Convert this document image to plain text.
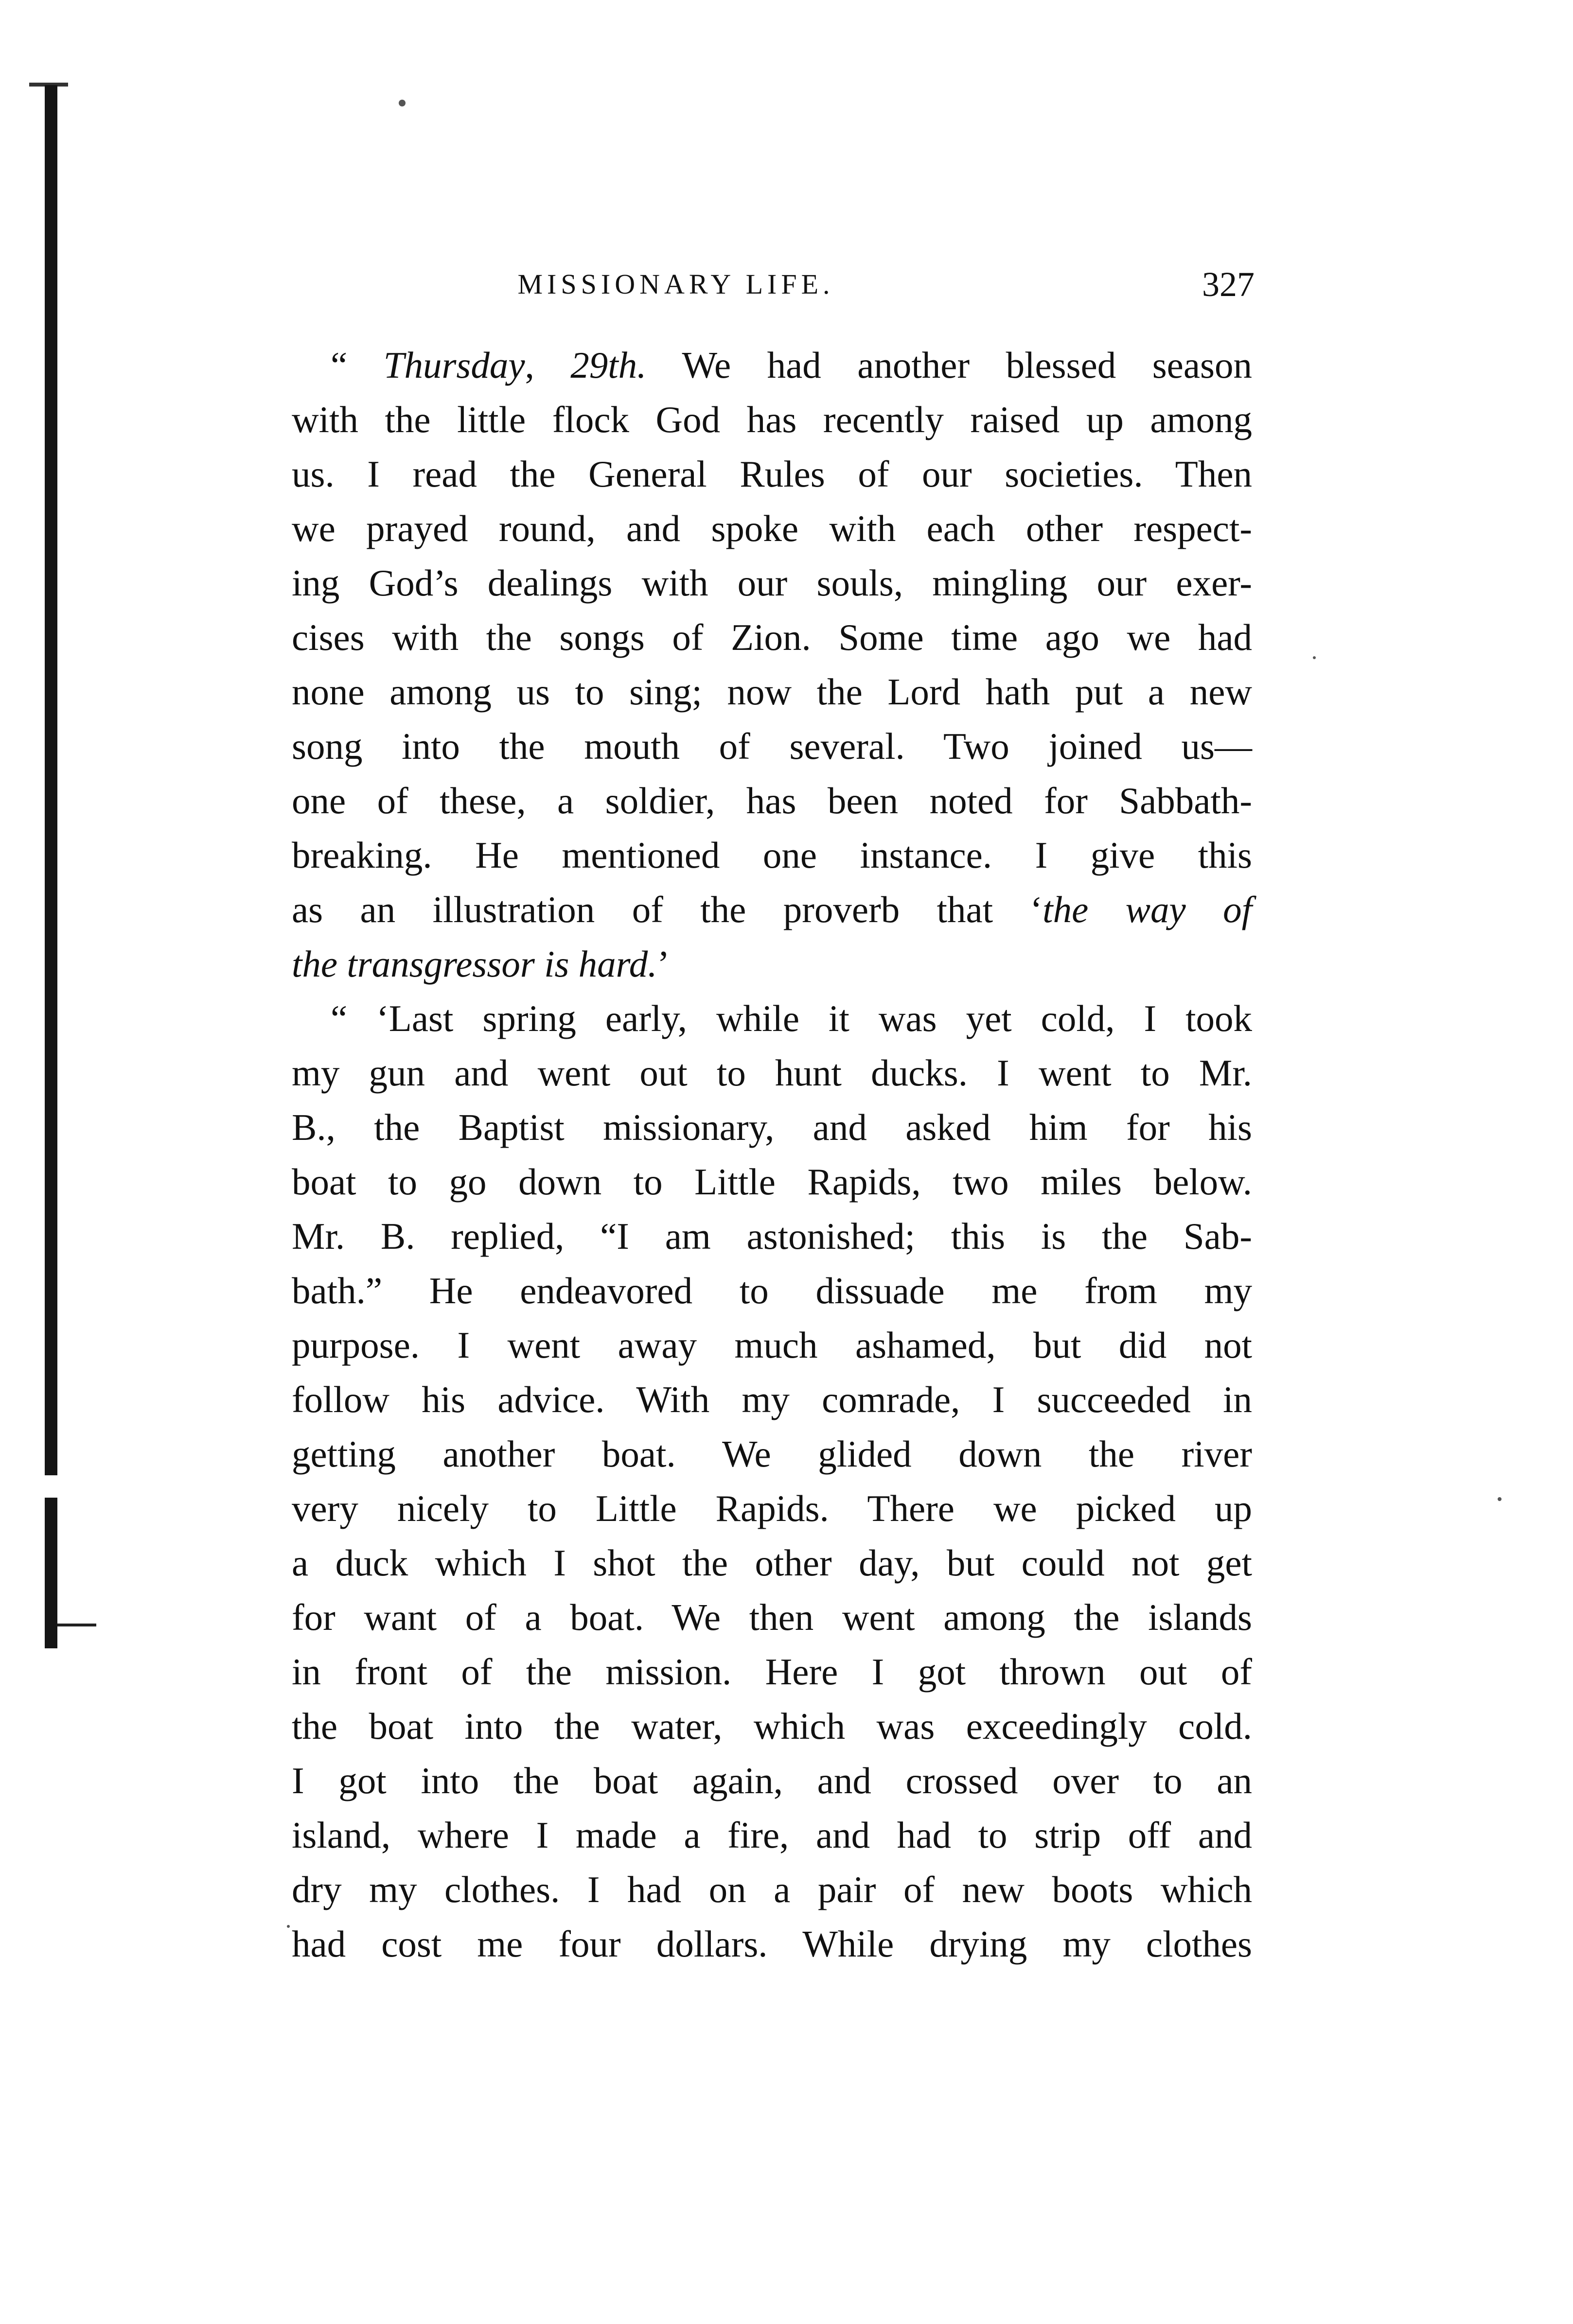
MISSIONARY LIFE.	327
“ Thursday, 29th. We had another blessed season
with the little flock God has recently raised up among
us. I read the General Rules of our societies. Then
we prayed round, and spoke with each other respect-
ing God’s dealings with our souls, mingling our exer-
cises with the songs of Zion. Some time ago we had
none among us to sing; now the Lord hath put a new
song into the mouth of several. Two joined us—
one of these, a soldier, has been noted for Sabbath-
breaking. He mentioned one instance. I give this
as an illustration of the proverb that ‘the way of
the transgressor is hard.’
“ ‘Last spring early, while it was yet cold, I took
my gun and went out to hunt ducks. I went to Mr.
B., the Baptist missionary, and asked him for his
boat to go down to Little Rapids, two miles below.
Mr. B. replied, “I am astonished; this is the Sab-
bath.” He endeavored to dissuade me from my
purpose. I went away much ashamed, but did not
follow his advice. With my comrade, I succeeded in
getting another boat. We glided down the river
very nicely to Little Rapids. There we picked up
a duck which I shot the other day, but could not get
for want of a boat. We then went among the islands
in front of the mission. Here I got thrown out of
the boat into the water, which was exceedingly cold.
I got into the boat again, and crossed over to an
island, where I made a fire, and had to strip off and
dry my clothes. I had on a pair of new boots which
had cost me four dollars. While drying my clothes
